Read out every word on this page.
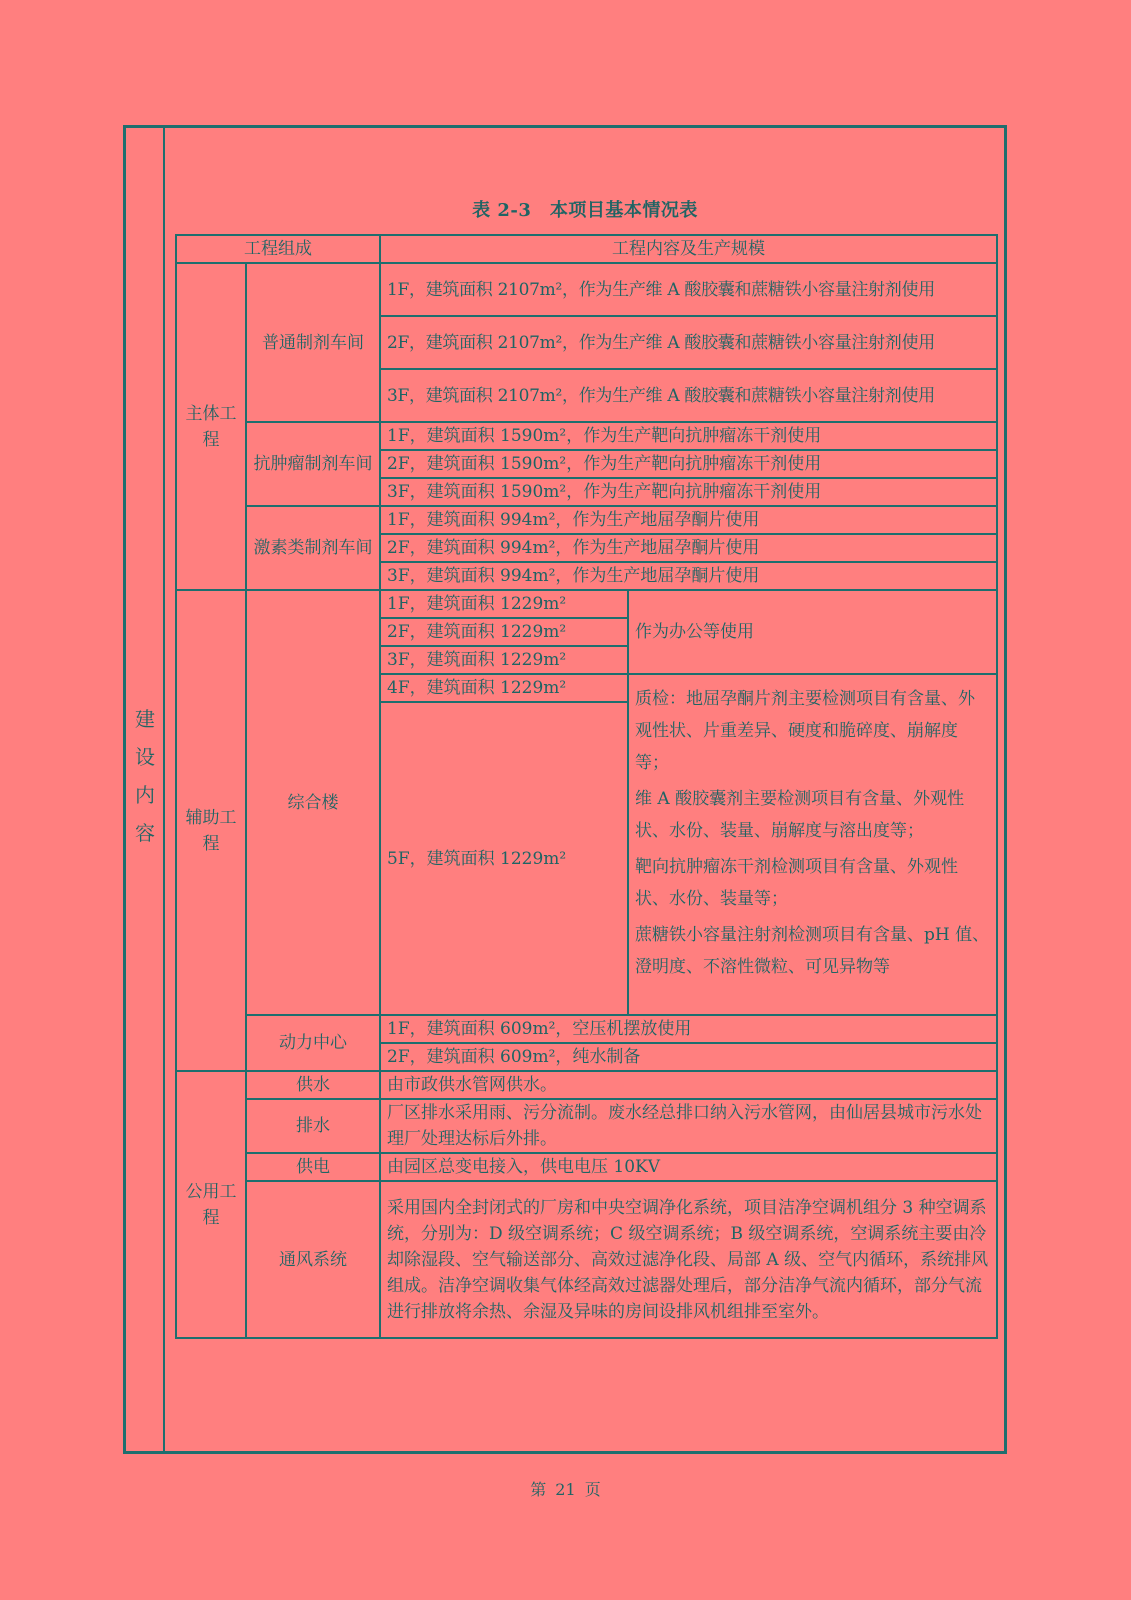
建
设
内
容
表 2-3　本项目基本情况表
工程组成		工程内容及生产规模	
主体工程	普通制剂车间	1F，建筑面积 2107m²，作为生产维 A 酸胶囊和蔗糖铁小容量注射剂使用	
		2F，建筑面积 2107m²，作为生产维 A 酸胶囊和蔗糖铁小容量注射剂使用	
		3F，建筑面积 2107m²，作为生产维 A 酸胶囊和蔗糖铁小容量注射剂使用	
	抗肿瘤制剂车间	1F，建筑面积 1590m²，作为生产靶向抗肿瘤冻干剂使用	
		2F，建筑面积 1590m²，作为生产靶向抗肿瘤冻干剂使用	
		3F，建筑面积 1590m²，作为生产靶向抗肿瘤冻干剂使用	
	激素类制剂车间	1F，建筑面积 994m²，作为生产地屈孕酮片使用	
		2F，建筑面积 994m²，作为生产地屈孕酮片使用	
		3F，建筑面积 994m²，作为生产地屈孕酮片使用	
辅助工程	综合楼	1F，建筑面积 1229m²	作为办公等使用
		2F，建筑面积 1229m²	
		3F，建筑面积 1229m²	
		4F，建筑面积 1229m²	质检：地屈孕酮片剂主要检测项目有含量、外观性状、片重差异、硬度和脆碎度、崩解度等；
维 A 酸胶囊剂主要检测项目有含量、外观性状、水份、装量、崩解度与溶出度等；
靶向抗肿瘤冻干剂检测项目有含量、外观性状、水份、装量等；
蔗糖铁小容量注射剂检测项目有含量、pH 值、澄明度、不溶性微粒、可见异物等

		5F，建筑面积 1229m²	
	动力中心	1F，建筑面积 609m²，空压机摆放使用	
		2F，建筑面积 609m²，纯水制备	
公用工程	供水	由市政供水管网供水。	
	排水	厂区排水采用雨、污分流制。废水经总排口纳入污水管网，由仙居县城市污水处理厂处理达标后外排。	
	供电	由园区总变电接入，供电电压 10KV	
	通风系统	采用国内全封闭式的厂房和中央空调净化系统，项目洁净空调机组分 3 种空调系统，分别为：D 级空调系统；C 级空调系统；B 级空调系统，空调系统主要由冷却除湿段、空气输送部分、高效过滤净化段、局部 A 级、空气内循环，系统排风组成。洁净空调收集气体经高效过滤器处理后，部分洁净气流内循环，部分气流进行排放将余热、余湿及异味的房间设排风机组排至室外。	
第 21 页
